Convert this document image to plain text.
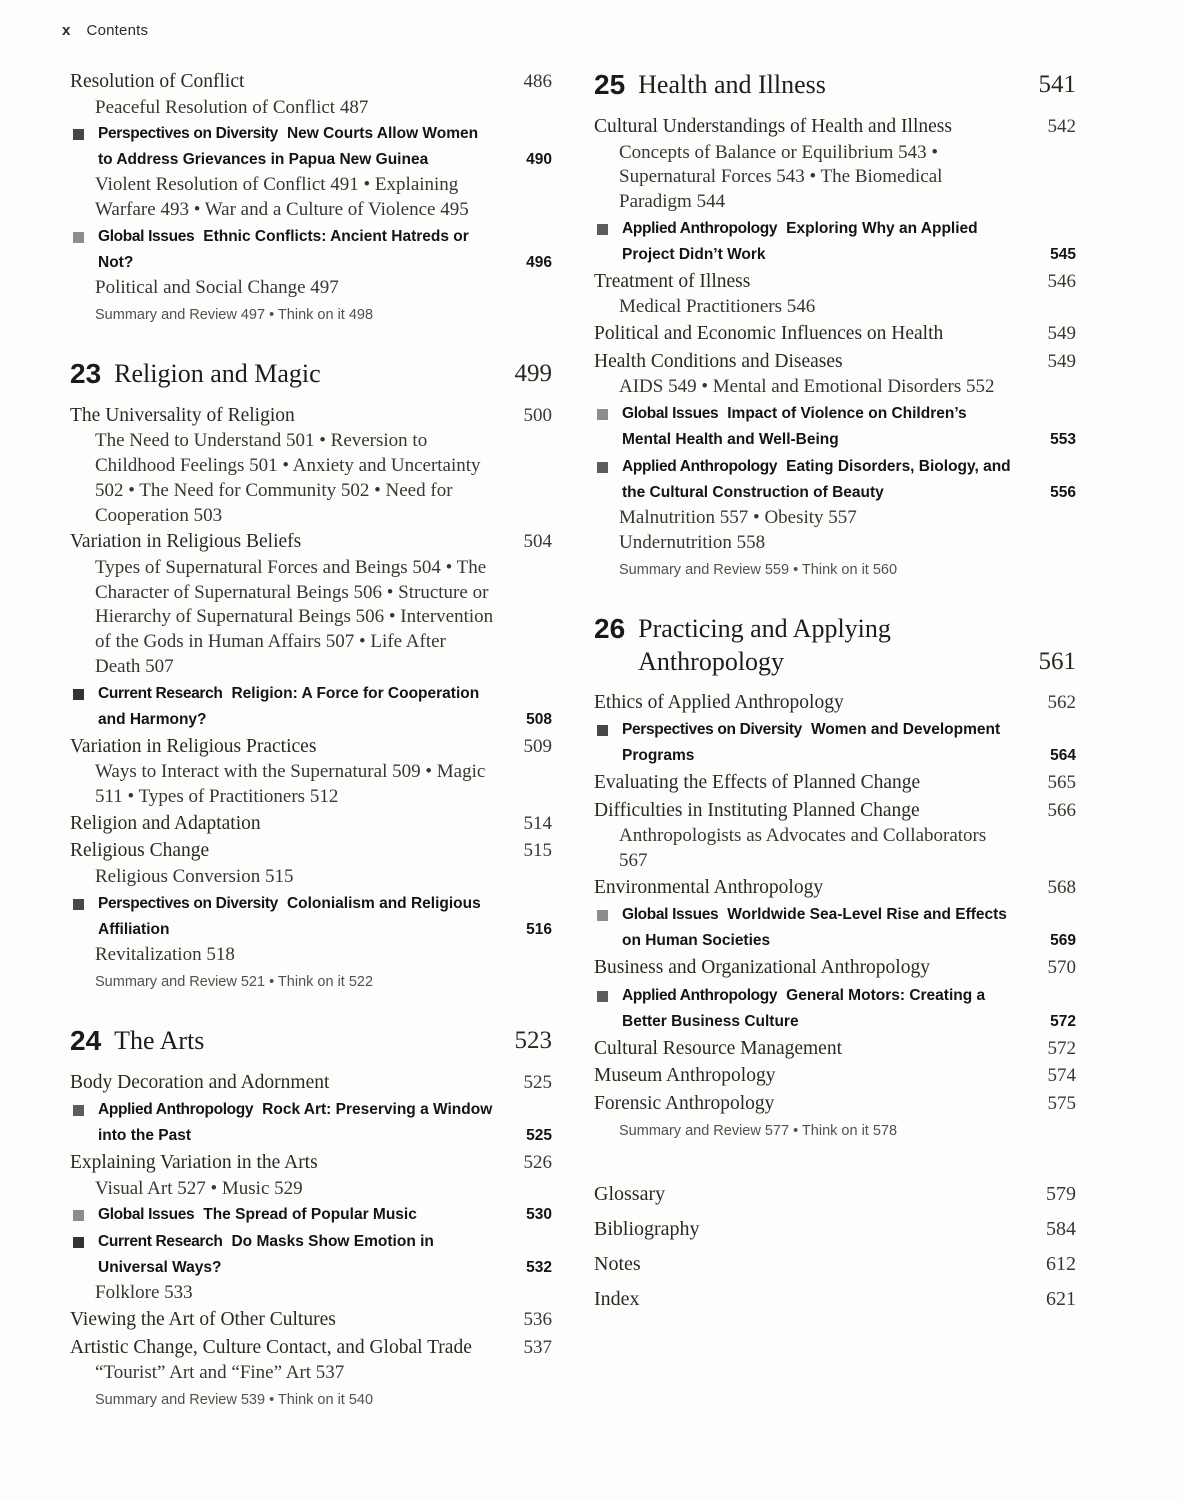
x Contents
Resolution of Conflict	486
Peaceful Resolution of Conflict 487
Perspectives on Diversity New Courts Allow Women to Address Grievances in Papua New Guinea	490
Violent Resolution of Conflict 491 • Explaining Warfare 493 • War and a Culture of Violence 495
Global Issues Ethnic Conflicts: Ancient Hatreds or Not?	496
Political and Social Change 497
Summary and Review 497 • Think on it 498
23 Religion and Magic	499
The Universality of Religion	500
The Need to Understand 501 • Reversion to Childhood Feelings 501 • Anxiety and Uncertainty 502 • The Need for Community 502 • Need for Cooperation 503
Variation in Religious Beliefs	504
Types of Supernatural Forces and Beings 504 • The Character of Supernatural Beings 506 • Structure or Hierarchy of Supernatural Beings 506 • Intervention of the Gods in Human Affairs 507 • Life After Death 507
Current Research Religion: A Force for Cooperation and Harmony?	508
Variation in Religious Practices	509
Ways to Interact with the Supernatural 509 • Magic 511 • Types of Practitioners 512
Religion and Adaptation	514
Religious Change	515
Religious Conversion 515
Perspectives on Diversity Colonialism and Religious Affiliation	516
Revitalization 518
Summary and Review 521 • Think on it 522
24 The Arts	523
Body Decoration and Adornment	525
Applied Anthropology Rock Art: Preserving a Window into the Past	525
Explaining Variation in the Arts	526
Visual Art 527 • Music 529
Global Issues The Spread of Popular Music	530
Current Research Do Masks Show Emotion in Universal Ways?	532
Folklore 533
Viewing the Art of Other Cultures	536
Artistic Change, Culture Contact, and Global Trade	537
“Tourist” Art and “Fine” Art 537
Summary and Review 539 • Think on it 540
25 Health and Illness	541
Cultural Understandings of Health and Illness	542
Concepts of Balance or Equilibrium 543 • Supernatural Forces 543 • The Biomedical Paradigm 544
Applied Anthropology Exploring Why an Applied Project Didn’t Work	545
Treatment of Illness	546
Medical Practitioners 546
Political and Economic Influences on Health	549
Health Conditions and Diseases	549
AIDS 549 • Mental and Emotional Disorders 552
Global Issues Impact of Violence on Children’s Mental Health and Well-Being	553
Applied Anthropology Eating Disorders, Biology, and the Cultural Construction of Beauty	556
Malnutrition 557 • Obesity 557
Undernutrition 558
Summary and Review 559 • Think on it 560
26 Practicing and Applying Anthropology	561
Ethics of Applied Anthropology	562
Perspectives on Diversity Women and Development Programs	564
Evaluating the Effects of Planned Change	565
Difficulties in Instituting Planned Change	566
Anthropologists as Advocates and Collaborators 567
Environmental Anthropology	568
Global Issues Worldwide Sea-Level Rise and Effects on Human Societies	569
Business and Organizational Anthropology	570
Applied Anthropology General Motors: Creating a Better Business Culture	572
Cultural Resource Management	572
Museum Anthropology	574
Forensic Anthropology	575
Summary and Review 577 • Think on it 578
Glossary	579
Bibliography	584
Notes	612
Index	621
